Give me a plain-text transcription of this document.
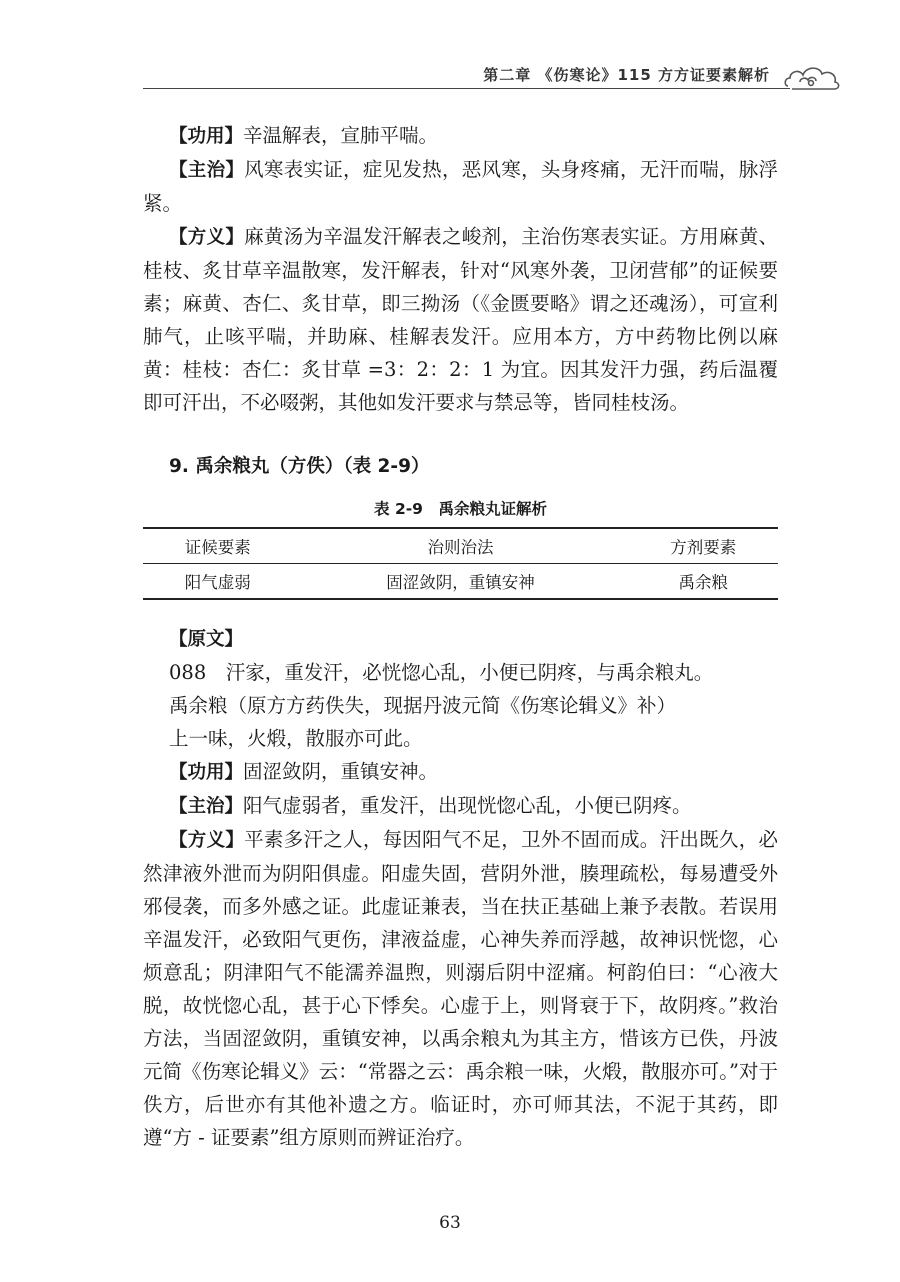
第二章 《伤寒论》115 方方证要素解析

【功用】辛温解表，宣肺平喘。

【主治】风寒表实证，症见发热，恶风寒，头身疼痛，无汗而喘，脉浮紧。

【方义】麻黄汤为辛温发汗解表之峻剂，主治伤寒表实证。方用麻黄、桂枝、炙甘草辛温散寒，发汗解表，针对“风寒外袭，卫闭营郁”的证候要素；麻黄、杏仁、炙甘草，即三拗汤（《金匮要略》谓之还魂汤），可宣利肺气，止咳平喘，并助麻、桂解表发汗。应用本方，方中药物比例以麻黄：桂枝：杏仁：炙甘草 =3：2：2：1 为宜。因其发汗力强，药后温覆即可汗出，不必啜粥，其他如发汗要求与禁忌等，皆同桂枝汤。

9. 禹余粮丸（方佚）（表 2-9）

表 2-9　禹余粮丸证解析
证候要素	治则治法	方剂要素
阳气虚弱	固涩敛阴，重镇安神	禹余粮

【原文】

088　汗家，重发汗，必恍惚心乱，小便已阴疼，与禹余粮丸。

禹余粮（原方方药佚失，现据丹波元简《伤寒论辑义》补）

上一味，火煅，散服亦可此。

【功用】固涩敛阴，重镇安神。

【主治】阳气虚弱者，重发汗，出现恍惚心乱，小便已阴疼。

【方义】平素多汗之人，每因阳气不足，卫外不固而成。汗出既久，必然津液外泄而为阴阳俱虚。阳虚失固，营阴外泄，腠理疏松，每易遭受外邪侵袭，而多外感之证。此虚证兼表，当在扶正基础上兼予表散。若误用辛温发汗，必致阳气更伤，津液益虚，心神失养而浮越，故神识恍惚，心烦意乱；阴津阳气不能濡养温煦，则溺后阴中涩痛。柯韵伯曰：“心液大脱，故恍惚心乱，甚于心下悸矣。心虚于上，则肾衰于下，故阴疼。”救治方法，当固涩敛阴，重镇安神，以禹余粮丸为其主方，惜该方已佚，丹波元简《伤寒论辑义》云：“常器之云：禹余粮一味，火煅，散服亦可。”对于佚方，后世亦有其他补遗之方。临证时，亦可师其法，不泥于其药，即遵“方 - 证要素”组方原则而辨证治疗。

63
